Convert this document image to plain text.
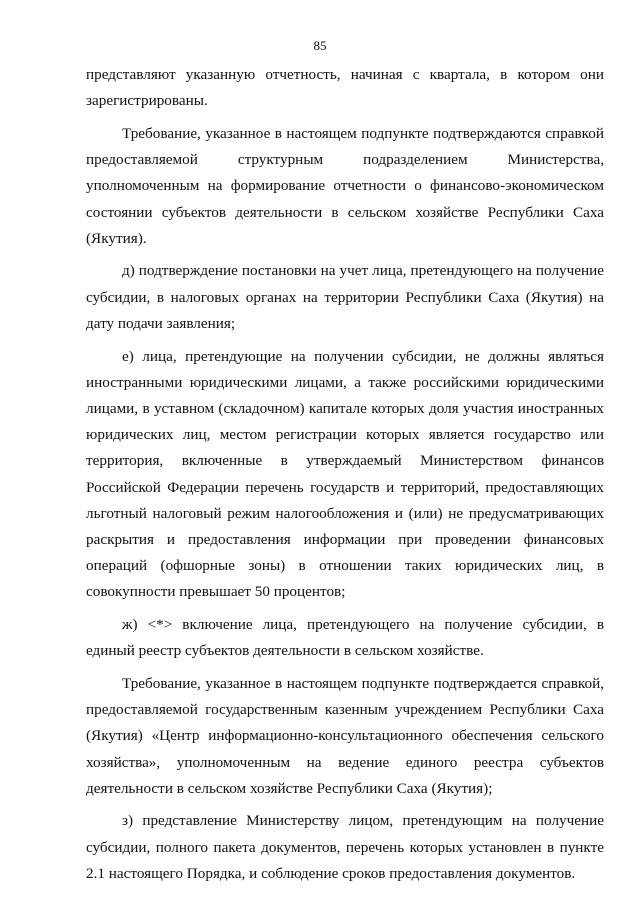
85

представляют указанную отчетность, начиная с квартала, в котором они зарегистрированы.

Требование, указанное в настоящем подпункте подтверждаются справкой предоставляемой структурным подразделением Министерства, уполномоченным на формирование отчетности о финансово-экономическом состоянии субъектов деятельности в сельском хозяйстве Республики Саха (Якутия).

д) подтверждение постановки на учет лица, претендующего на получение субсидии, в налоговых органах на территории Республики Саха (Якутия) на дату подачи заявления;

е) лица, претендующие на получении субсидии, не должны являться иностранными юридическими лицами, а также российскими юридическими лицами, в уставном (складочном) капитале которых доля участия иностранных юридических лиц, местом регистрации которых является государство или территория, включенные в утверждаемый Министерством финансов Российской Федерации перечень государств и территорий, предоставляющих льготный налоговый режим налогообложения и (или) не предусматривающих раскрытия и предоставления информации при проведении финансовых операций (офшорные зоны) в отношении таких юридических лиц, в совокупности превышает 50 процентов;

ж) <*> включение лица, претендующего на получение субсидии, в единый реестр субъектов деятельности в сельском хозяйстве.

Требование, указанное в настоящем подпункте подтверждается справкой, предоставляемой государственным казенным учреждением Республики Саха (Якутия) «Центр информационно-консультационного обеспечения сельского хозяйства», уполномоченным на ведение единого реестра субъектов деятельности в сельском хозяйстве Республики Саха (Якутия);

з) представление Министерству лицом, претендующим на получение субсидии, полного пакета документов, перечень которых установлен в пункте 2.1 настоящего Порядка, и соблюдение сроков предоставления документов.
